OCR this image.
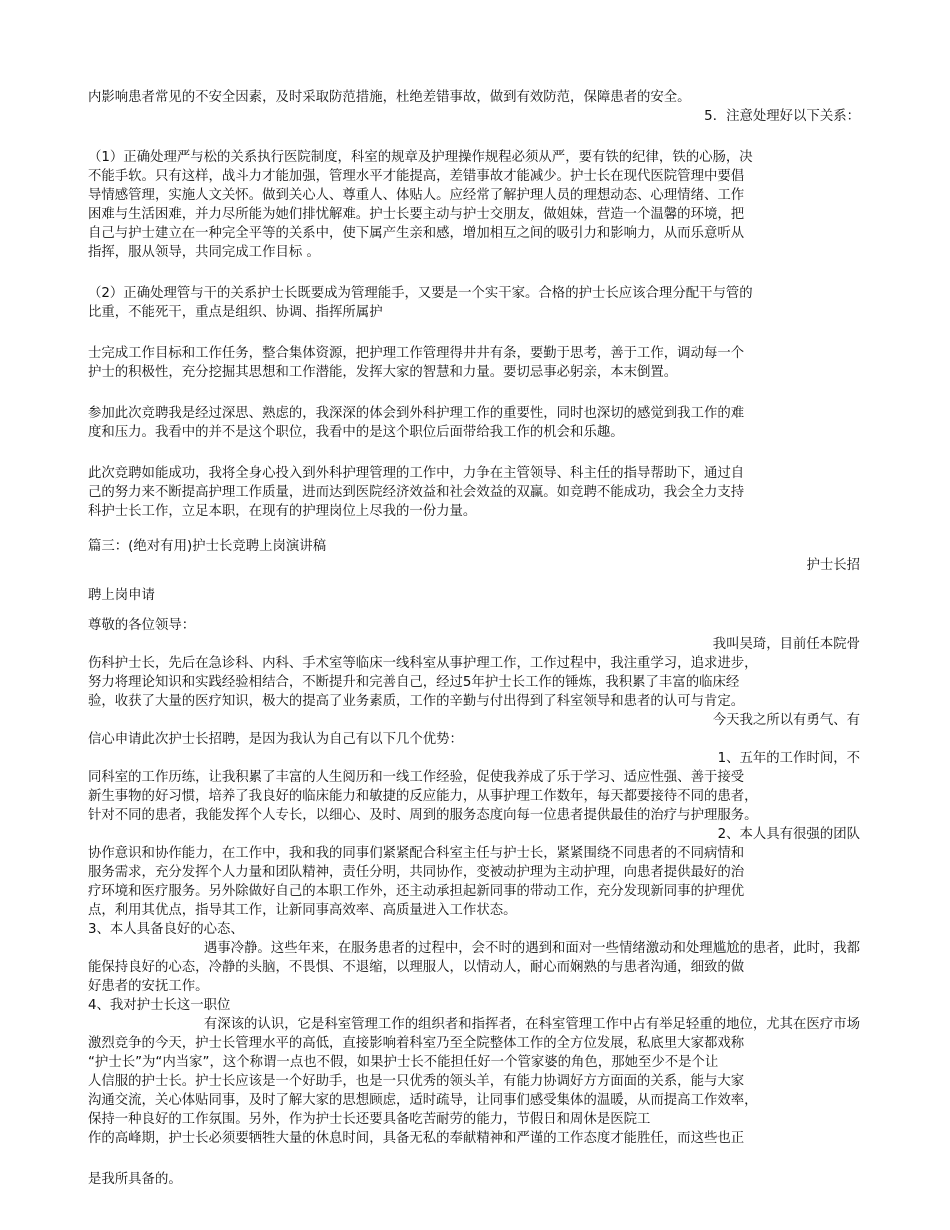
内影响患者常见的不安全因素，及时采取防范措施，杜绝差错事故，做到有效防范，保障患者的安全。
5．注意处理好以下关系：
（1）正确处理严与松的关系执行医院制度，科室的规章及护理操作规程必须从严，要有铁的纪律，铁的心肠，决
不能手软。只有这样，战斗力才能加强，管理水平才能提高，差错事故才能减少。护士长在现代医院管理中要倡
导情感管理，实施人文关怀。做到关心人、尊重人、体贴人。应经常了解护理人员的理想动态、心理情绪、工作
困难与生活困难，并力尽所能为她们排忧解难。护士长要主动与护士交朋友，做姐妹，营造一个温馨的环境，把
自己与护士建立在一种完全平等的关系中，使下属产生亲和感，增加相互之间的吸引力和影响力，从而乐意听从
指挥，服从领导，共同完成工作目标 。
（2）正确处理管与干的关系护士长既要成为管理能手，又要是一个实干家。合格的护士长应该合理分配干与管的
比重，不能死干，重点是组织、协调、指挥所属护
士完成工作目标和工作任务，整合集体资源，把护理工作管理得井井有条，要勤于思考，善于工作，调动每一个
护士的积极性，充分挖掘其思想和工作潜能，发挥大家的智慧和力量。要切忌事必躬亲，本末倒置。
参加此次竞聘我是经过深思、熟虑的，我深深的体会到外科护理工作的重要性，同时也深切的感觉到我工作的难
度和压力。我看中的并不是这个职位，我看中的是这个职位后面带给我工作的机会和乐趣。
此次竞聘如能成功，我将全身心投入到外科护理管理的工作中，力争在主管领导、科主任的指导帮助下，通过自
己的努力来不断提高护理工作质量，进而达到医院经济效益和社会效益的双赢。如竞聘不能成功，我会全力支持
科护士长工作，立足本职，在现有的护理岗位上尽我的一份力量。
篇三：(绝对有用)护士长竞聘上岗演讲稿
护士长招
聘上岗申请
尊敬的各位领导：
我叫吴琦，目前任本院骨
伤科护士长，先后在急诊科、内科、手术室等临床一线科室从事护理工作，工作过程中，我注重学习，追求进步，
努力将理论知识和实践经验相结合，不断提升和完善自己，经过5年护士长工作的锤炼，我积累了丰富的临床经
验，收获了大量的医疗知识，极大的提高了业务素质，工作的辛勤与付出得到了科室领导和患者的认可与肯定。
今天我之所以有勇气、有
信心申请此次护士长招聘，是因为我认为自己有以下几个优势：
1、五年的工作时间，不
同科室的工作历练，让我积累了丰富的人生阅历和一线工作经验，促使我养成了乐于学习、适应性强、善于接受
新生事物的好习惯，培养了我良好的临床能力和敏捷的反应能力，从事护理工作数年，每天都要接待不同的患者，
针对不同的患者，我能发挥个人专长，以细心、及时、周到的服务态度向每一位患者提供最佳的治疗与护理服务。
2、本人具有很强的团队
协作意识和协作能力，在工作中，我和我的同事们紧紧配合科室主任与护士长，紧紧围绕不同患者的不同病情和
服务需求，充分发挥个人力量和团队精神，责任分明，共同协作，变被动护理为主动护理，向患者提供最好的治
疗环境和医疗服务。另外除做好自己的本职工作外，还主动承担起新同事的带动工作，充分发现新同事的护理优
点，利用其优点，指导其工作，让新同事高效率、高质量进入工作状态。
3、本人具备良好的心态、
遇事冷静。这些年来，在服务患者的过程中，会不时的遇到和面对一些情绪激动和处理尴尬的患者，此时，我都
能保持良好的心态，冷静的头脑，不畏惧、不退缩，以理服人，以情动人，耐心而娴熟的与患者沟通，细致的做
好患者的安抚工作。
4、我对护士长这一职位
有深该的认识，它是科室管理工作的组织者和指挥者，在科室管理工作中占有举足轻重的地位，尤其在医疗市场
激烈竞争的今天，护士长管理水平的高低，直接影响着科室乃至全院整体工作的全方位发展，私底里大家都戏称
“护士长”为“内当家”，这个称谓一点也不假，如果护士长不能担任好一个管家婆的角色，那她至少不是个让
人信服的护士长。护士长应该是一个好助手，也是一只优秀的领头羊，有能力协调好方方面面的关系，能与大家
沟通交流，关心体贴同事，及时了解大家的思想顾虑，适时疏导，让同事们感受集体的温暖，从而提高工作效率，
保持一种良好的工作氛围。另外，作为护士长还要具备吃苦耐劳的能力，节假日和周休是医院工
作的高峰期，护士长必须要牺牲大量的休息时间，具备无私的奉献精神和严谨的工作态度才能胜任，而这些也正
是我所具备的。
